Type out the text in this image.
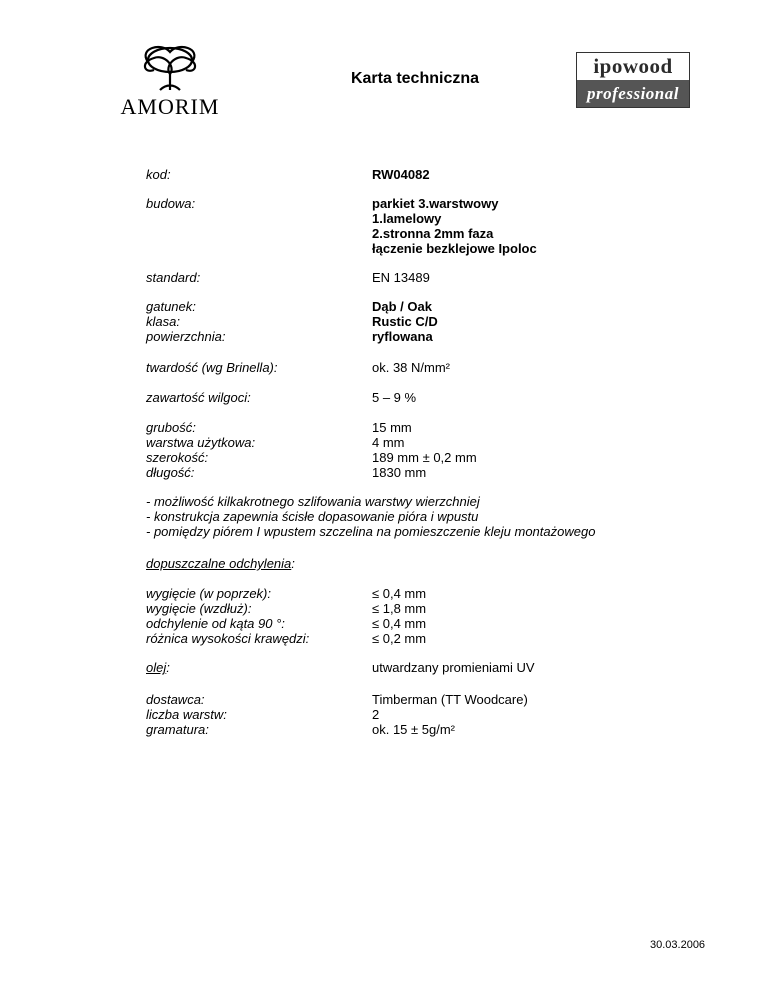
AMORIM
Karta techniczna
ipowood
professional
kod:	RW04082
budowa:	parkiet 3.warstwowy
1.lamelowy
2.stronna 2mm faza
łączenie bezklejowe Ipoloc
standard:	EN 13489
gatunek:	Dąb / Oak
klasa:	Rustic C/D
powierzchnia:	ryflowana
twardość (wg Brinella):	ok. 38 N/mm²
zawartość wilgoci:	5 – 9 %
grubość:	15 mm
warstwa użytkowa:	4 mm
szerokość:	189 mm ± 0,2 mm
długość:	1830 mm
- możliwość kilkakrotnego szlifowania warstwy wierzchniej
- konstrukcja zapewnia ścisłe dopasowanie pióra i wpustu
- pomiędzy piórem I wpustem szczelina na pomieszczenie kleju montażowego
dopuszczalne odchylenia:
wygięcie (w poprzek):	≤ 0,4 mm
wygięcie (wzdłuż):	≤ 1,8 mm
odchylenie od kąta 90 °:	≤ 0,4 mm
różnica wysokości krawędzi:	≤ 0,2 mm
olej:	utwardzany promieniami UV
dostawca:	Timberman (TT Woodcare)
liczba warstw:	2
gramatura:	ok. 15 ± 5g/m²
30.03.2006
